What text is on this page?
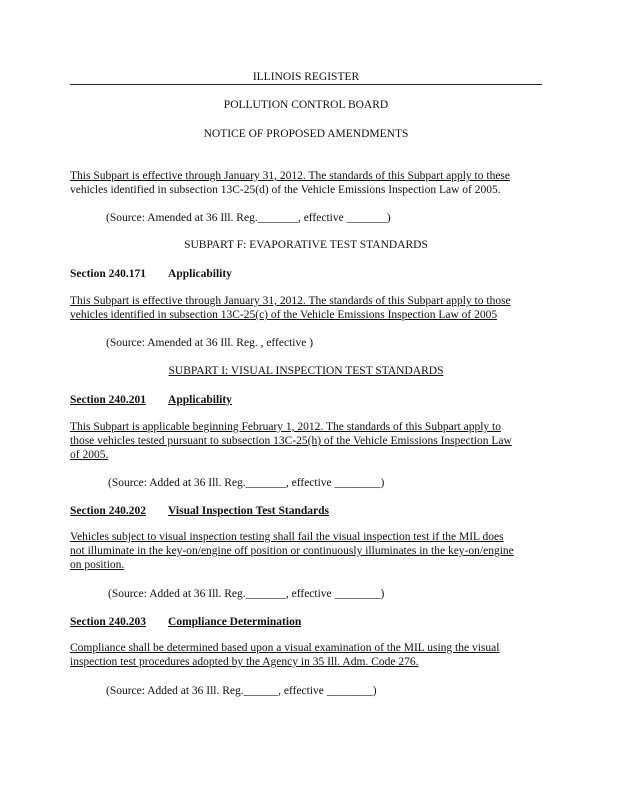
ILLINOIS REGISTER
POLLUTION CONTROL BOARD
NOTICE OF PROPOSED AMENDMENTS
This Subpart is effective through January 31, 2012. The standards of this Subpart apply to these
vehicles identified in subsection 13C-25(d) of the Vehicle Emissions Inspection Law of 2005.
(Source: Amended at 36 Ill. Reg._______, effective _______)
SUBPART F: EVAPORATIVE TEST STANDARDS
Section 240.171 Applicability
This Subpart is effective through January 31, 2012. The standards of this Subpart apply to those
vehicles identified in subsection 13C-25(c) of the Vehicle Emissions Inspection Law of 2005
(Source: Amended at 36 Ill. Reg. , effective )
SUBPART I: VISUAL INSPECTION TEST STANDARDS
Section 240.201 Applicability
This Subpart is applicable beginning February 1, 2012. The standards of this Subpart apply to
those vehicles tested pursuant to subsection 13C-25(h) of the Vehicle Emissions Inspection Law
of 2005.
(Source: Added at 36 Ill. Reg._______, effective ________)
Section 240.202 Visual Inspection Test Standards
Vehicles subject to visual inspection testing shall fail the visual inspection test if the MIL does
not illuminate in the key-on/engine off position or continuously illuminates in the key-on/engine
on position.
(Source: Added at 36 Ill. Reg._______, effective ________)
Section 240.203 Compliance Determination
Compliance shall be determined based upon a visual examination of the MIL using the visual
inspection test procedures adopted by the Agency in 35 Ill. Adm. Code 276.
(Source: Added at 36 Ill. Reg.______, effective ________)
